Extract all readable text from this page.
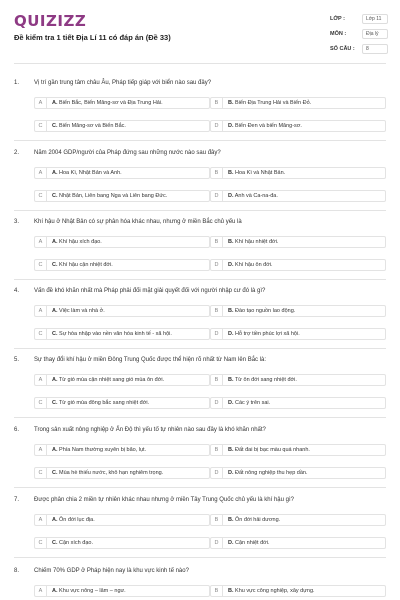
QUIZIZZ
Đề kiểm tra 1 tiết Địa Lí 11 có đáp án (Đề 33)
LỚP :	Lớp 11
MÔN :	Địa lý
SỐ CÂU :	8
1. Vị trí gần trung tâm châu Âu, Pháp tiếp giáp với biển nào sau đây?
A	A. Biển Bắc, Biển Măng-sơ và Địa Trung Hải.	B	B. Biển Địa Trung Hải và Biển Đỏ.
C	C. Biển Măng-sơ và Biển Bắc.	D	D. Biển Đen và biển Măng-sơ.
2. Năm 2004 GDP/người của Pháp đứng sau những nước nào sau đây?
A	A. Hoa Kì, Nhật Bản và Anh.	B	B. Hoa Kì và Nhật Bản.
C	C. Nhật Bản, Liên bang Nga và Liên bang Đức.	D	D. Anh và Ca-na-đa.
3. Khí hậu ở Nhật Bản có sự phân hóa khác nhau, nhưng ở miền Bắc chủ yếu là
A	A. Khí hậu xích đạo.	B	B. Khí hậu nhiệt đới.
C	C. Khí hậu cận nhiệt đới.	D	D. Khí hậu ôn đới.
4. Vấn đề khó khăn nhất mà Pháp phải đối mặt giải quyết đối với người nhập cư đó là gì?
A	A. Việc làm và nhà ở.	B	B. Đào tạo nguồn lao động.
C	C. Sự hòa nhập vào nền văn hóa kinh tế - xã hội.	D	D. Hỗ trợ tiền phúc lợi xã hội.
5. Sự thay đổi khí hậu ở miền Đông Trung Quốc được thể hiện rõ nhất từ Nam lên Bắc là:
A	A. Từ gió mùa cận nhiệt sang gió mùa ôn đới.	B	B. Từ ôn đới sang nhiệt đới.
C	C. Từ gió mùa đông bắc sang nhiệt đới.	D	D. Các ý trên sai.
6. Trong sản xuất nông nghiệp ở Ấn Độ thì yếu tố tự nhiên nào sau đây là khó khăn nhất?
A	A. Phía Nam thường xuyên bị bão, lụt.	B	B. Đất đai bị bạc màu quá nhanh.
C	C. Mùa hè thiếu nước, khô hạn nghiêm trọng.	D	D. Đất nông nghiệp thu hẹp dần.
7. Được phân chia 2 miền tự nhiên khác nhau nhưng ở miền Tây Trung Quốc chủ yếu là khí hậu gì?
A	A. Ôn đới lục địa.	B	B. Ôn đới hải dương.
C	C. Cận xích đạo.	D	D. Cận nhiệt đới.
8. Chiếm 70% GDP ở Pháp hiện nay là khu vực kinh tế nào?
A	A. Khu vực nông – lâm – ngư.	B	B. Khu vực công nghiệp, xây dựng.
